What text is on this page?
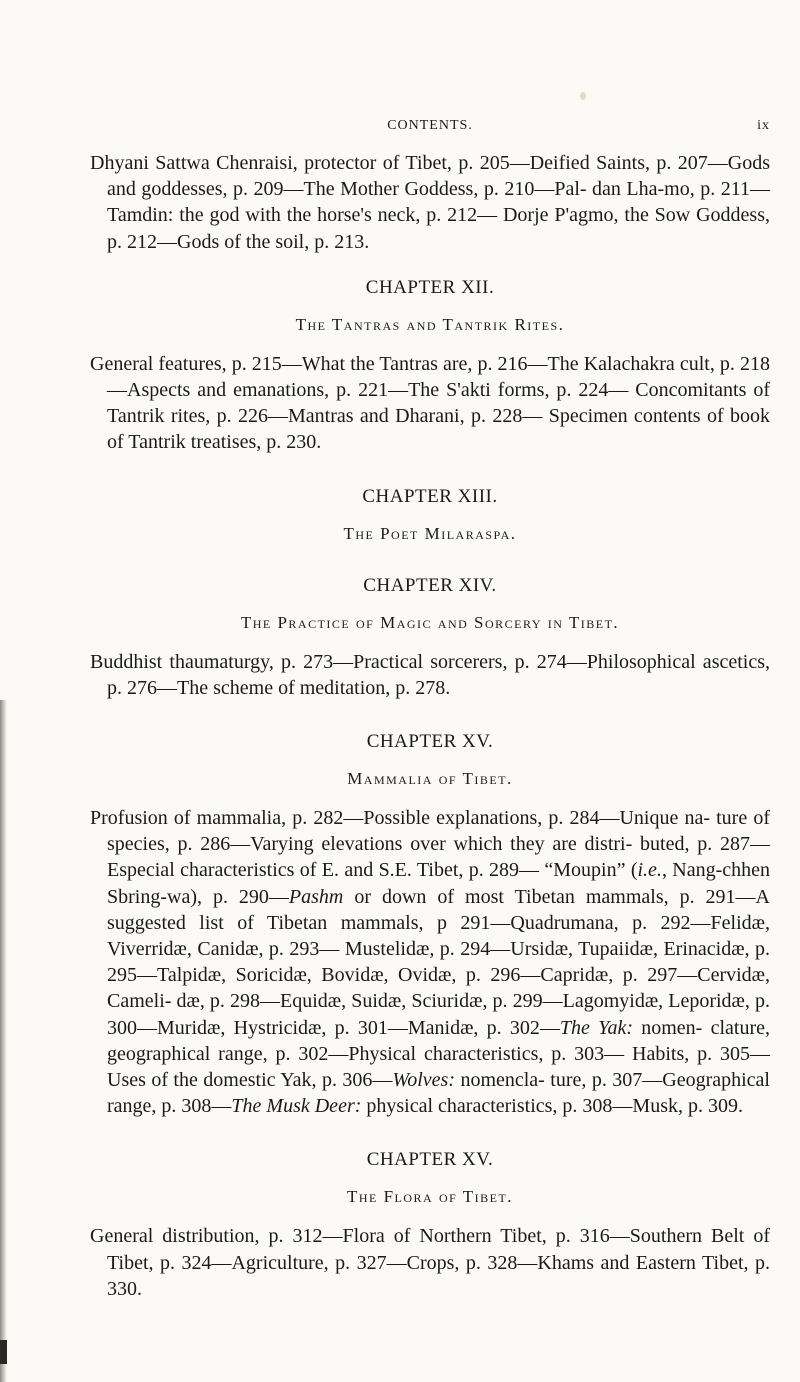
CONTENTS.	ix

Dhyani Sattwa Chenraisi, protector of Tibet, p. 205—Deified Saints, p. 207—Gods and goddesses, p. 209—The Mother Goddess, p. 210—Pal- dan Lha-mo, p. 211—Tamdin: the god with the horse's neck, p. 212— Dorje P'agmo, the Sow Goddess, p. 212—Gods of the soil, p. 213.

CHAPTER XII.

The Tantras and Tantrik Rites.

General features, p. 215—What the Tantras are, p. 216—The Kalachakra cult, p. 218—Aspects and emanations, p. 221—The S'akti forms, p. 224— Concomitants of Tantrik rites, p. 226—Mantras and Dharani, p. 228— Specimen contents of book of Tantrik treatises, p. 230.

CHAPTER XIII.

The Poet Milaraspa.

CHAPTER XIV.

The Practice of Magic and Sorcery in Tibet.

Buddhist thaumaturgy, p. 273—Practical sorcerers, p. 274—Philosophical ascetics, p. 276—The scheme of meditation, p. 278.

CHAPTER XV.

Mammalia of Tibet.

Profusion of mammalia, p. 282—Possible explanations, p. 284—Unique na- ture of species, p. 286—Varying elevations over which they are distri- buted, p. 287—Especial characteristics of E. and S.E. Tibet, p. 289— “Moupin” (i.e., Nang-chhen Sbring-wa), p. 290—Pashm or down of most Tibetan mammals, p. 291—A suggested list of Tibetan mammals, p 291—Quadrumana, p. 292—Felidæ, Viverridæ, Canidæ, p. 293— Mustelidæ, p. 294—Ursidæ, Tupaiidæ, Erinacidæ, p. 295—Talpidæ, Soricidæ, Bovidæ, Ovidæ, p. 296—Capridæ, p. 297—Cervidæ, Cameli- dæ, p. 298—Equidæ, Suidæ, Sciuridæ, p. 299—Lagomyidæ, Leporidæ, p. 300—Muridæ, Hystricidæ, p. 301—Manidæ, p. 302—The Yak: nomen- clature, geographical range, p. 302—Physical characteristics, p. 303— Habits, p. 305—Uses of the domestic Yak, p. 306—Wolves: nomencla- ture, p. 307—Geographical range, p. 308—The Musk Deer: physical characteristics, p. 308—Musk, p. 309.

CHAPTER XV.

The Flora of Tibet.

General distribution, p. 312—Flora of Northern Tibet, p. 316—Southern Belt of Tibet, p. 324—Agriculture, p. 327—Crops, p. 328—Khams and Eastern Tibet, p. 330.
